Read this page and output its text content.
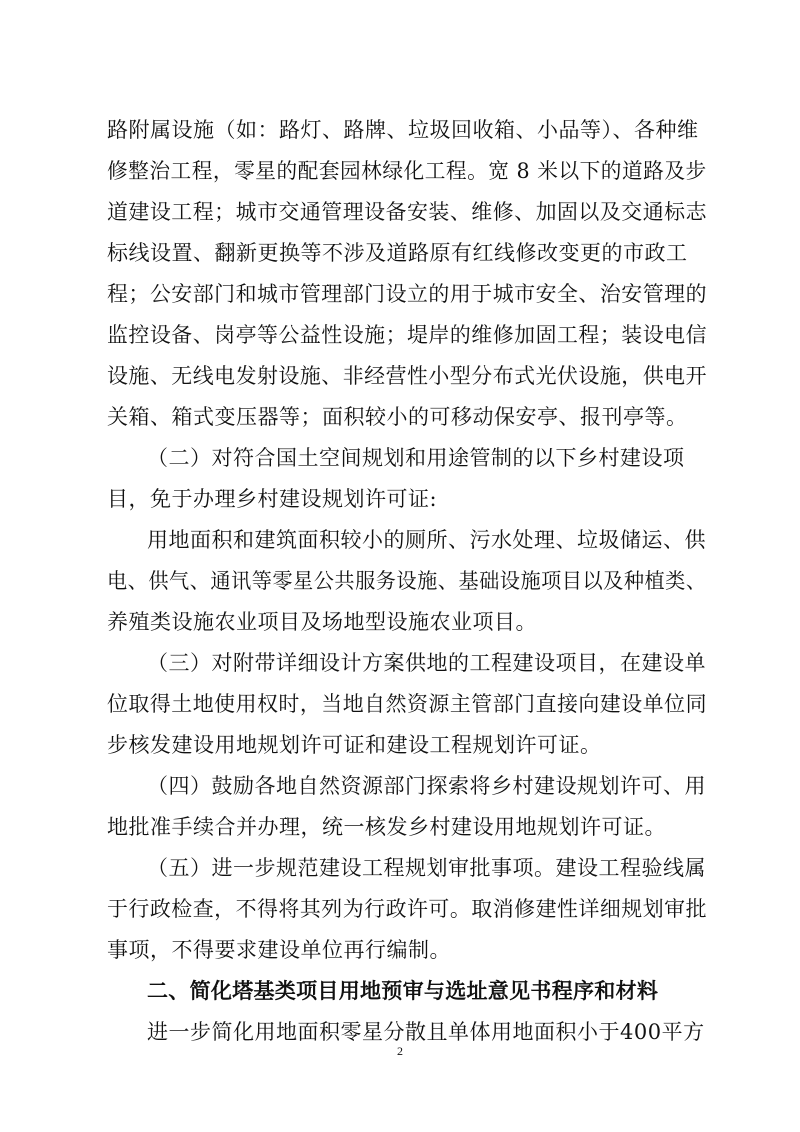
路附属设施（如：路灯、路牌、垃圾回收箱、小品等）、各种维
修整治工程，零星的配套园林绿化工程。宽 8 米以下的道路及步
道建设工程；城市交通管理设备安装、维修、加固以及交通标志
标线设置、翻新更换等不涉及道路原有红线修改变更的市政工
程；公安部门和城市管理部门设立的用于城市安全、治安管理的
监控设备、岗亭等公益性设施；堤岸的维修加固工程；装设电信
设施、无线电发射设施、非经营性小型分布式光伏设施，供电开
关箱、箱式变压器等；面积较小的可移动保安亭、报刊亭等。
（二）对符合国土空间规划和用途管制的以下乡村建设项
目，免于办理乡村建设规划许可证:
用地面积和建筑面积较小的厕所、污水处理、垃圾储运、供
电、供气、通讯等零星公共服务设施、基础设施项目以及种植类、
养殖类设施农业项目及场地型设施农业项目。
（三）对附带详细设计方案供地的工程建设项目，在建设单
位取得土地使用权时，当地自然资源主管部门直接向建设单位同
步核发建设用地规划许可证和建设工程规划许可证。
（四）鼓励各地自然资源部门探索将乡村建设规划许可、用
地批准手续合并办理，统一核发乡村建设用地规划许可证。
（五）进一步规范建设工程规划审批事项。建设工程验线属
于行政检查，不得将其列为行政许可。取消修建性详细规划审批
事项，不得要求建设单位再行编制。
二、简化塔基类项目用地预审与选址意见书程序和材料
进一步简化用地面积零星分散且单体用地面积小于400平方
2
